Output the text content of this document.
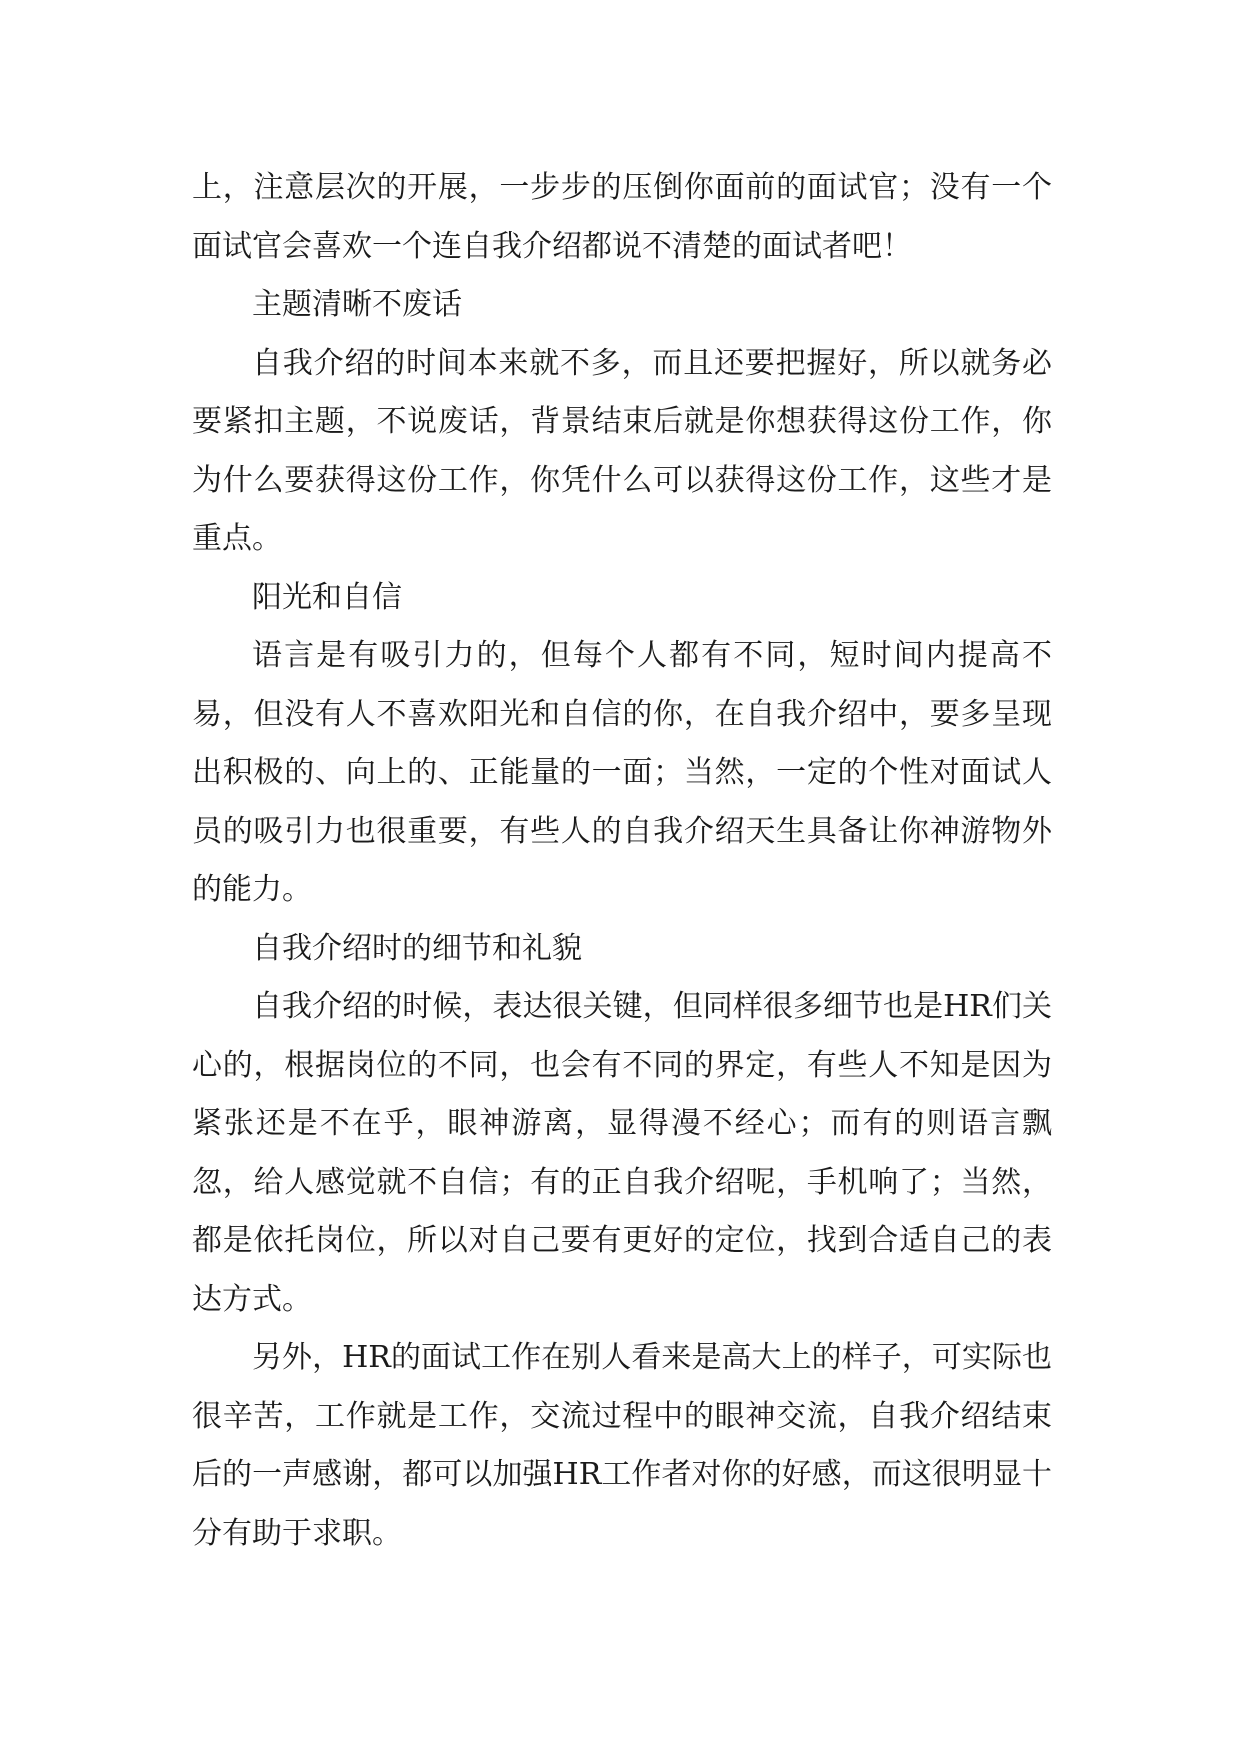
上，注意层次的开展，一步步的压倒你面前的面试官；没有一个面试官会喜欢一个连自我介绍都说不清楚的面试者吧！

主题清晰不废话

自我介绍的时间本来就不多，而且还要把握好，所以就务必要紧扣主题，不说废话，背景结束后就是你想获得这份工作，你为什么要获得这份工作，你凭什么可以获得这份工作，这些才是重点。

阳光和自信

语言是有吸引力的，但每个人都有不同，短时间内提高不易，但没有人不喜欢阳光和自信的你，在自我介绍中，要多呈现出积极的、向上的、正能量的一面；当然，一定的个性对面试人员的吸引力也很重要，有些人的自我介绍天生具备让你神游物外的能力。

自我介绍时的细节和礼貌

自我介绍的时候，表达很关键，但同样很多细节也是HR们关心的，根据岗位的不同，也会有不同的界定，有些人不知是因为紧张还是不在乎，眼神游离，显得漫不经心；而有的则语言飘忽，给人感觉就不自信；有的正自我介绍呢，手机响了；当然，都是依托岗位，所以对自己要有更好的定位，找到合适自己的表达方式。

另外，HR的面试工作在别人看来是高大上的样子，可实际也很辛苦，工作就是工作，交流过程中的眼神交流，自我介绍结束后的一声感谢，都可以加强HR工作者对你的好感，而这很明显十分有助于求职。
